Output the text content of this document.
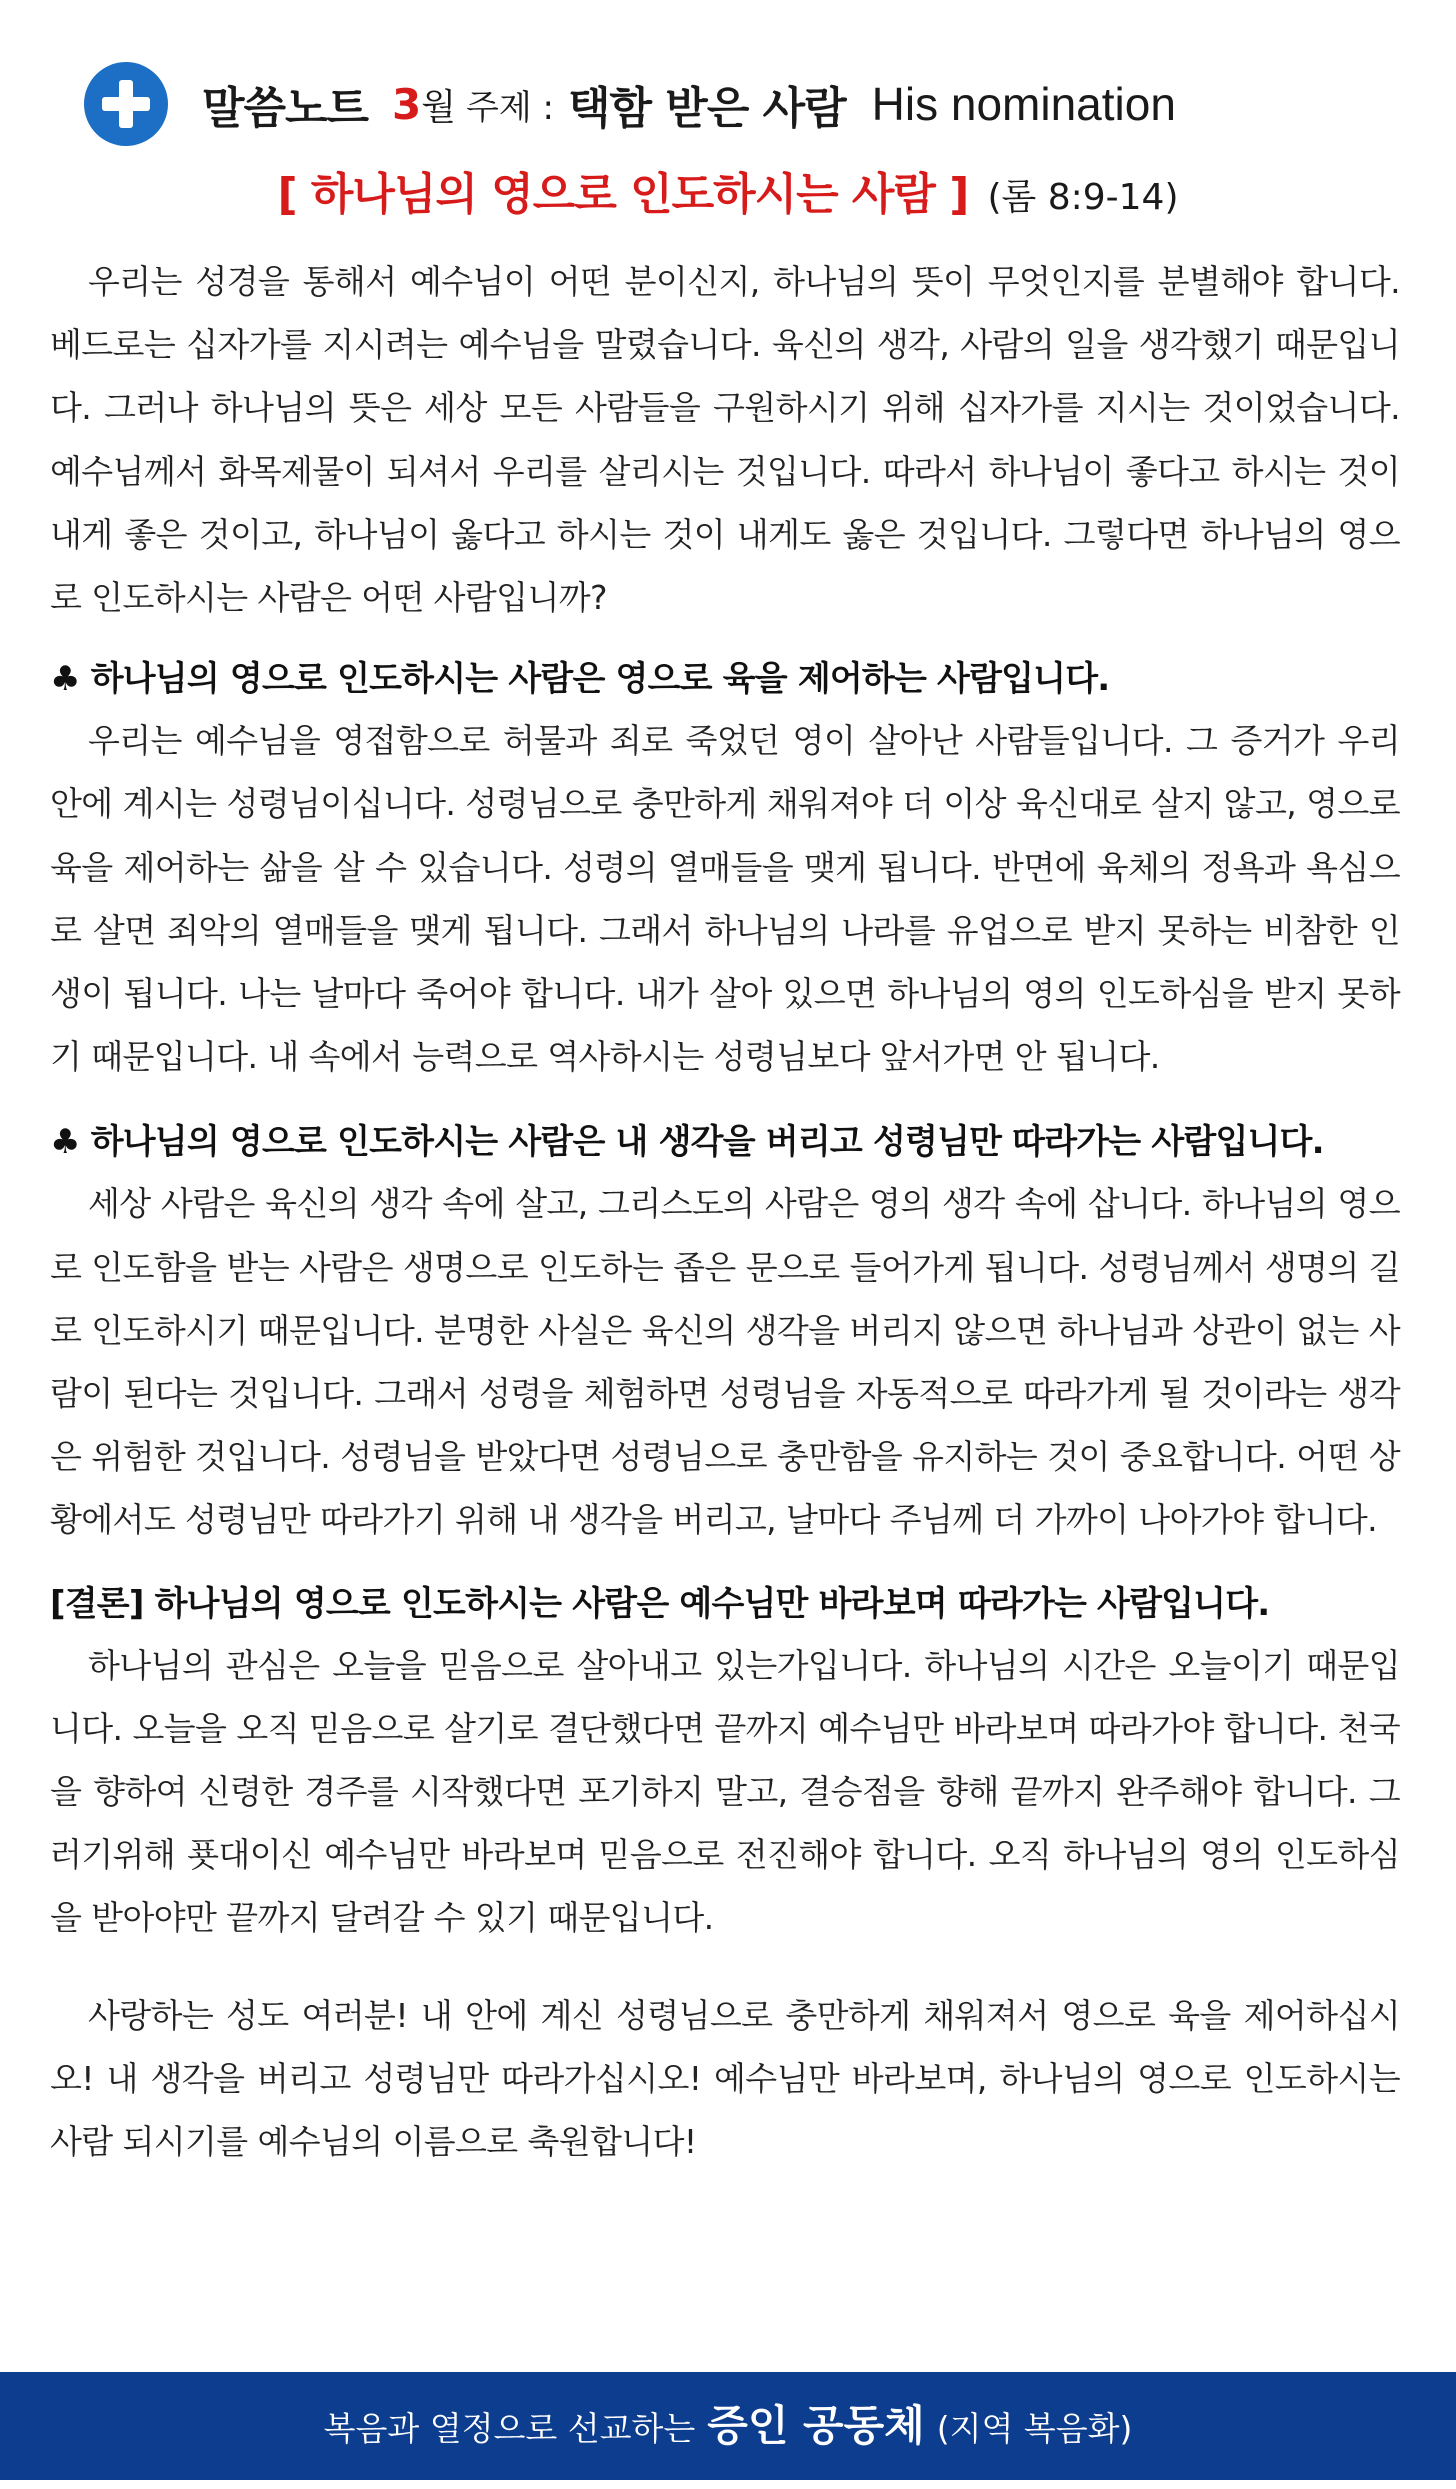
말씀노트 3 월 주제 : 택함 받은 사람 His nomination
[ 하나님의 영으로 인도하시는 사람 ] (롬 8:9-14)

우리는 성경을 통해서 예수님이 어떤 분이신지, 하나님의 뜻이 무엇인지를 분별해야 합니다. 베드로는 십자가를 지시려는 예수님을 말렸습니다. 육신의 생각, 사람의 일을 생각했기 때문입니다. 그러나 하나님의 뜻은 세상 모든 사람들을 구원하시기 위해 십자가를 지시는 것이었습니다. 예수님께서 화목제물이 되셔서 우리를 살리시는 것입니다. 따라서 하나님이 좋다고 하시는 것이 내게 좋은 것이고, 하나님이 옳다고 하시는 것이 내게도 옳은 것입니다. 그렇다면 하나님의 영으로 인도하시는 사람은 어떤 사람입니까?

♣ 하나님의 영으로 인도하시는 사람은 영으로 육을 제어하는 사람입니다.

우리는 예수님을 영접함으로 허물과 죄로 죽었던 영이 살아난 사람들입니다. 그 증거가 우리 안에 계시는 성령님이십니다. 성령님으로 충만하게 채워져야 더 이상 육신대로 살지 않고, 영으로 육을 제어하는 삶을 살 수 있습니다. 성령의 열매들을 맺게 됩니다. 반면에 육체의 정욕과 욕심으로 살면 죄악의 열매들을 맺게 됩니다. 그래서 하나님의 나라를 유업으로 받지 못하는 비참한 인생이 됩니다. 나는 날마다 죽어야 합니다. 내가 살아 있으면 하나님의 영의 인도하심을 받지 못하기 때문입니다. 내 속에서 능력으로 역사하시는 성령님보다 앞서가면 안 됩니다.

♣ 하나님의 영으로 인도하시는 사람은 내 생각을 버리고 성령님만 따라가는 사람입니다.

세상 사람은 육신의 생각 속에 살고, 그리스도의 사람은 영의 생각 속에 삽니다. 하나님의 영으로 인도함을 받는 사람은 생명으로 인도하는 좁은 문으로 들어가게 됩니다. 성령님께서 생명의 길로 인도하시기 때문입니다. 분명한 사실은 육신의 생각을 버리지 않으면 하나님과 상관이 없는 사람이 된다는 것입니다. 그래서 성령을 체험하면 성령님을 자동적으로 따라가게 될 것이라는 생각은 위험한 것입니다. 성령님을 받았다면 성령님으로 충만함을 유지하는 것이 중요합니다. 어떤 상황에서도 성령님만 따라가기 위해 내 생각을 버리고, 날마다 주님께 더 가까이 나아가야 합니다.

[결론] 하나님의 영으로 인도하시는 사람은 예수님만 바라보며 따라가는 사람입니다.

하나님의 관심은 오늘을 믿음으로 살아내고 있는가입니다. 하나님의 시간은 오늘이기 때문입니다. 오늘을 오직 믿음으로 살기로 결단했다면 끝까지 예수님만 바라보며 따라가야 합니다. 천국을 향하여 신령한 경주를 시작했다면 포기하지 말고, 결승점을 향해 끝까지 완주해야 합니다. 그러기위해 푯대이신 예수님만 바라보며 믿음으로 전진해야 합니다. 오직 하나님의 영의 인도하심을 받아야만 끝까지 달려갈 수 있기 때문입니다.

사랑하는 성도 여러분! 내 안에 계신 성령님으로 충만하게 채워져서 영으로 육을 제어하십시오! 내 생각을 버리고 성령님만 따라가십시오! 예수님만 바라보며, 하나님의 영으로 인도하시는 사람 되시기를 예수님의 이름으로 축원합니다!

복음과 열정으로 선교하는 증인 공동체 (지역 복음화)
